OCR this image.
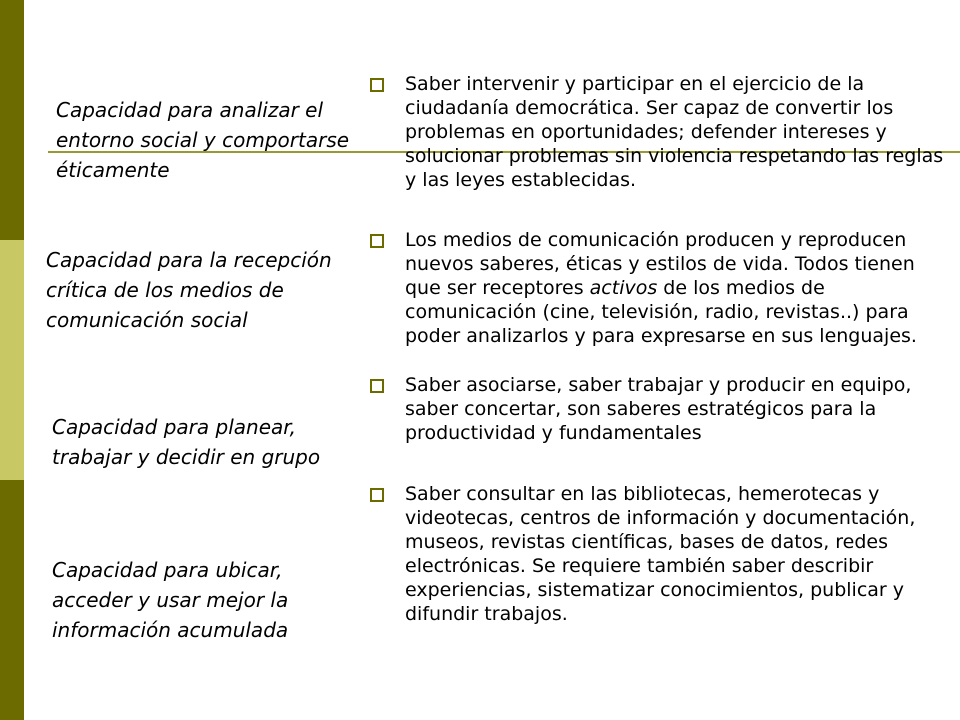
Capacidad para analizar el entorno social y comportarse éticamente
Capacidad para la recepción crítica de los medios de comunicación social
Capacidad para planear, trabajar y decidir en grupo
Capacidad para ubicar, acceder y usar mejor la información acumulada
Saber intervenir y participar en el ejercicio de la ciudadanía democrática. Ser capaz de convertir los problemas en oportunidades; defender intereses y solucionar problemas sin violencia respetando las reglas y las leyes establecidas.
Los medios de comunicación producen y reproducen nuevos saberes, éticas y estilos de vida. Todos tienen que ser receptores activos de los medios de comunicación (cine, televisión, radio, revistas..) para poder analizarlos y para expresarse en sus lenguajes.
Saber asociarse, saber trabajar y producir en equipo, saber concertar, son saberes estratégicos para la productividad y fundamentales
Saber consultar en las bibliotecas, hemerotecas y videotecas, centros de información y documentación, museos, revistas científicas, bases de datos, redes electrónicas. Se requiere también saber describir experiencias, sistematizar conocimientos, publicar y difundir trabajos.
